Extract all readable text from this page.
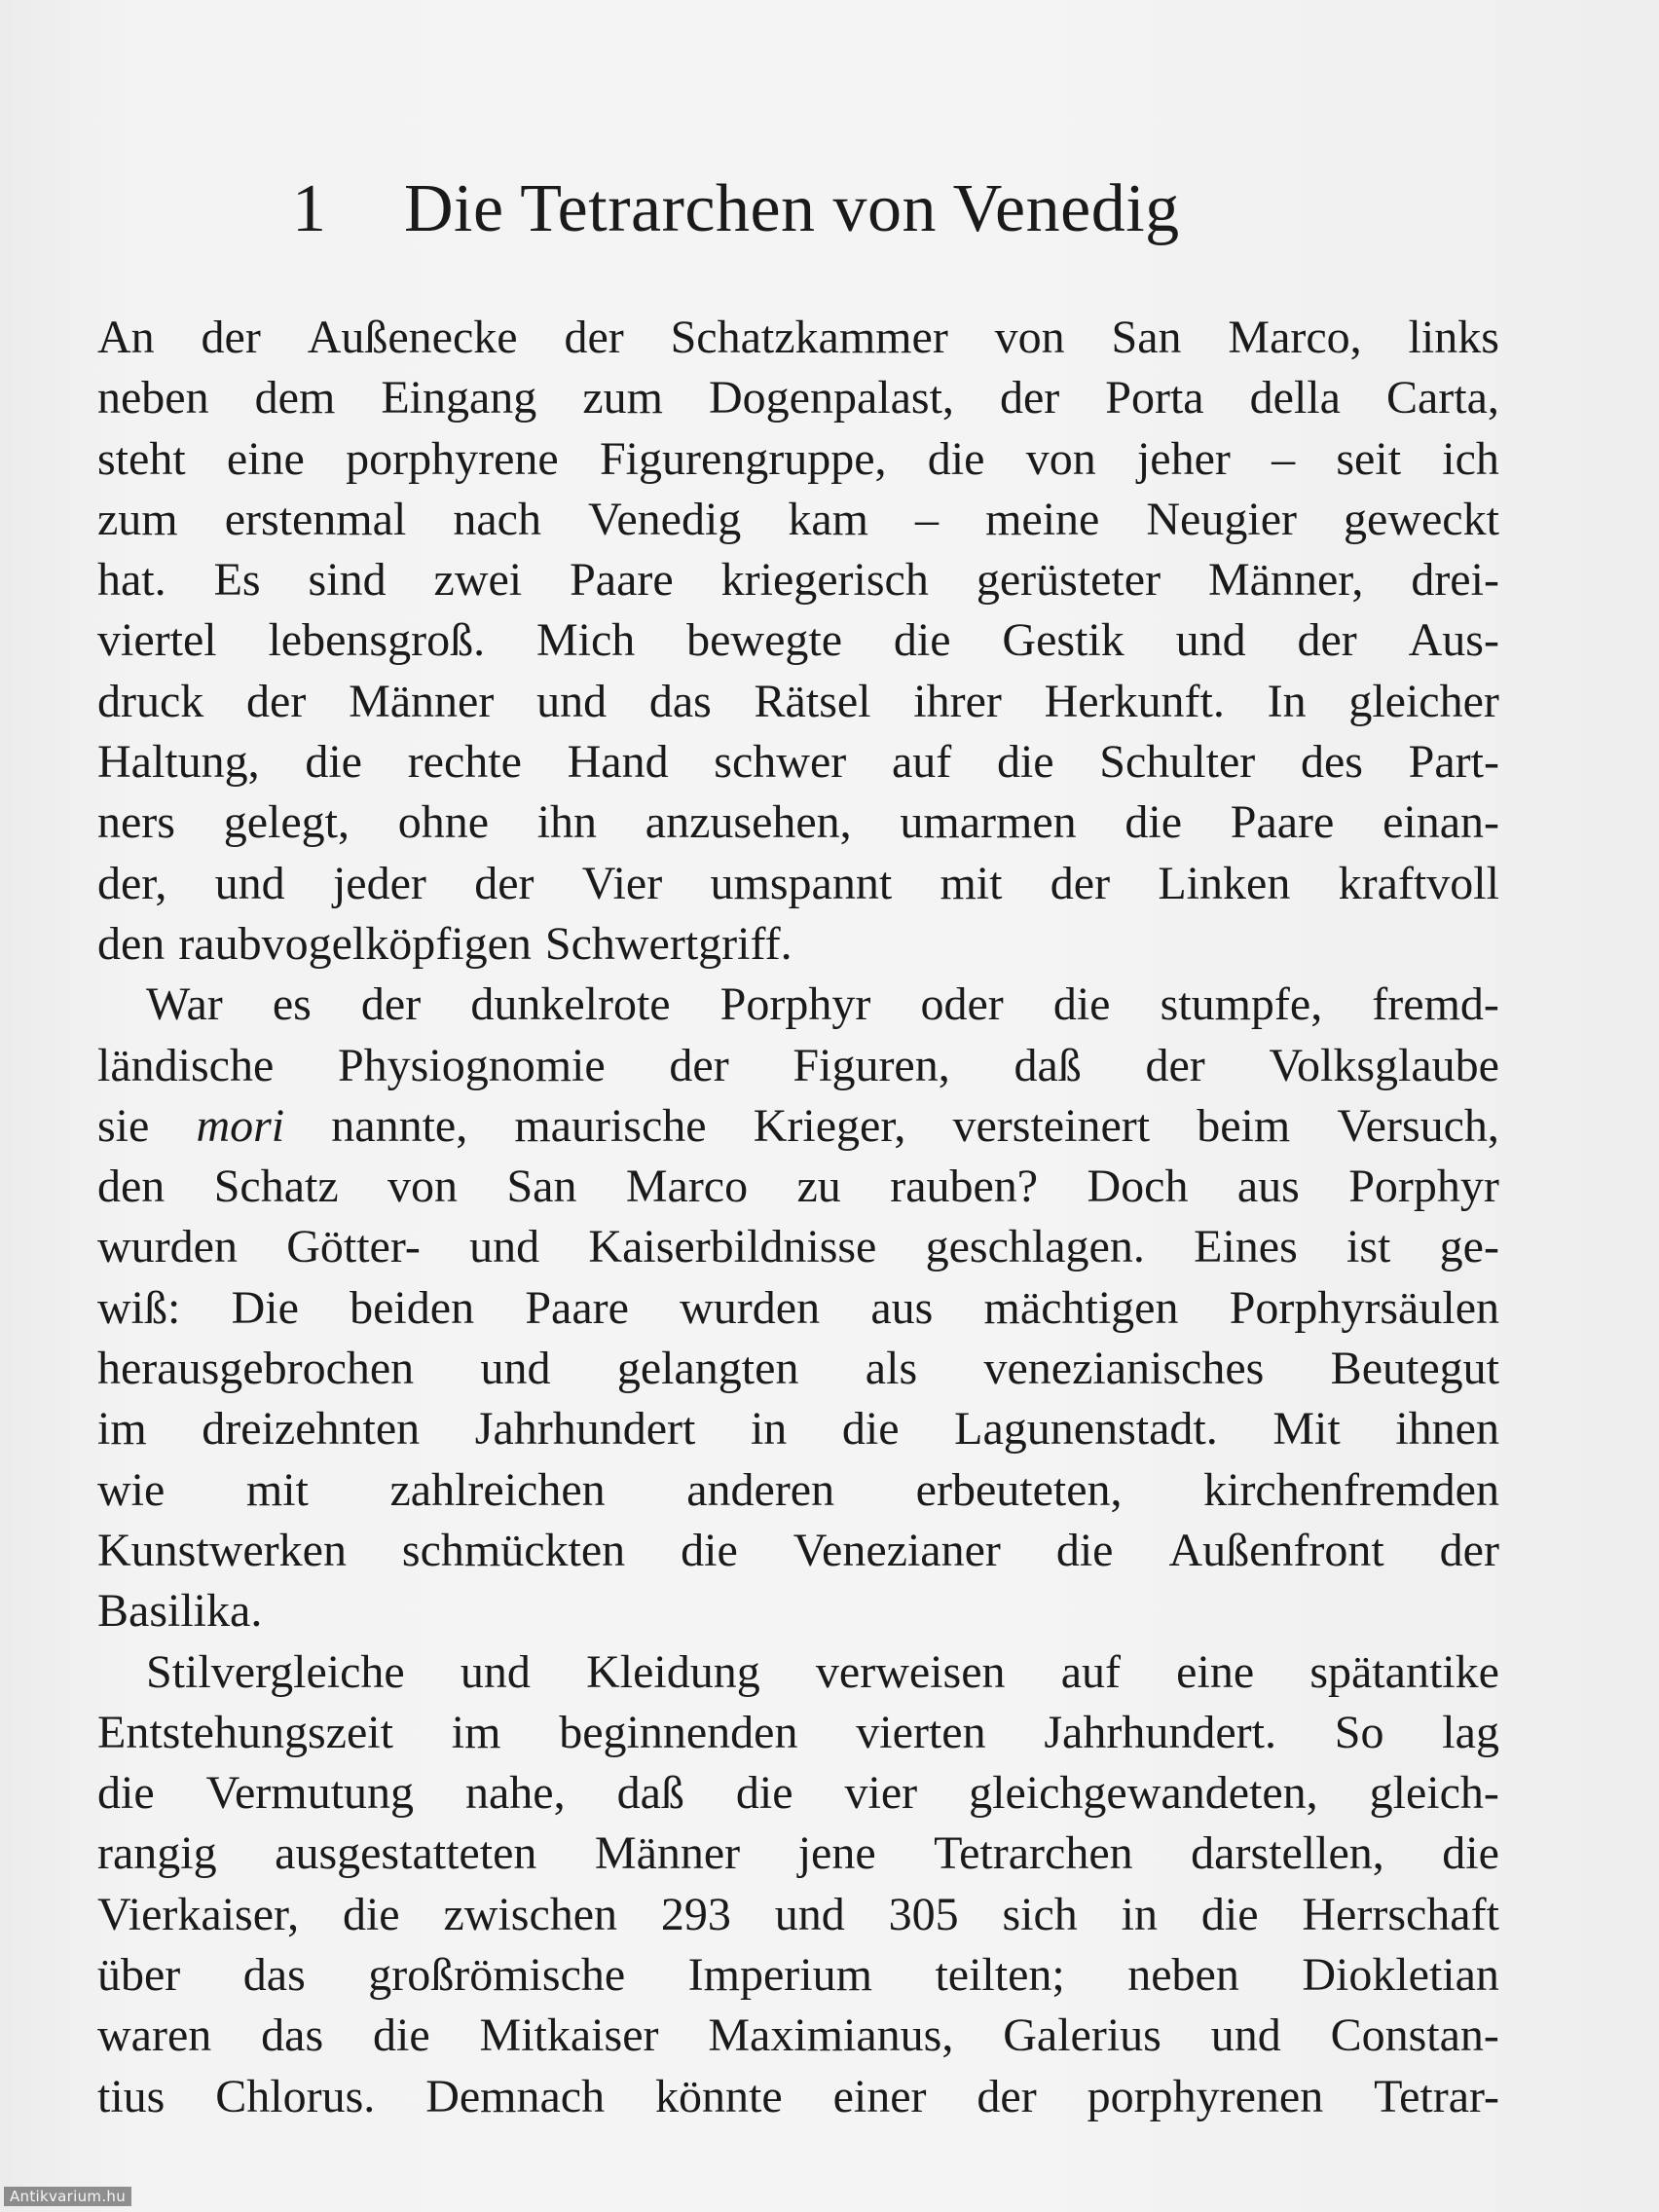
1 Die Tetrarchen von Venedig
An der Außenecke der Schatzkammer von San Marco, links
neben dem Eingang zum Dogenpalast, der Porta della Carta,
steht eine porphyrene Figurengruppe, die von jeher – seit ich
zum erstenmal nach Venedig kam – meine Neugier geweckt
hat. Es sind zwei Paare kriegerisch gerüsteter Männer, drei-
viertel lebensgroß. Mich bewegte die Gestik und der Aus-
druck der Männer und das Rätsel ihrer Herkunft. In gleicher
Haltung, die rechte Hand schwer auf die Schulter des Part-
ners gelegt, ohne ihn anzusehen, umarmen die Paare einan-
der, und jeder der Vier umspannt mit der Linken kraftvoll
den raubvogelköpfigen Schwertgriff.
War es der dunkelrote Porphyr oder die stumpfe, fremd-
ländische Physiognomie der Figuren, daß der Volksglaube
sie mori nannte, maurische Krieger, versteinert beim Versuch,
den Schatz von San Marco zu rauben? Doch aus Porphyr
wurden Götter- und Kaiserbildnisse geschlagen. Eines ist ge-
wiß: Die beiden Paare wurden aus mächtigen Porphyrsäulen
herausgebrochen und gelangten als venezianisches Beutegut
im dreizehnten Jahrhundert in die Lagunenstadt. Mit ihnen
wie mit zahlreichen anderen erbeuteten, kirchenfremden
Kunstwerken schmückten die Venezianer die Außenfront der
Basilika.
Stilvergleiche und Kleidung verweisen auf eine spätantike
Entstehungszeit im beginnenden vierten Jahrhundert. So lag
die Vermutung nahe, daß die vier gleichgewandeten, gleich-
rangig ausgestatteten Männer jene Tetrarchen darstellen, die
Vierkaiser, die zwischen 293 und 305 sich in die Herrschaft
über das großrömische Imperium teilten; neben Diokletian
waren das die Mitkaiser Maximianus, Galerius und Constan-
tius Chlorus. Demnach könnte einer der porphyrenen Tetrar-
Antikvarium.hu
